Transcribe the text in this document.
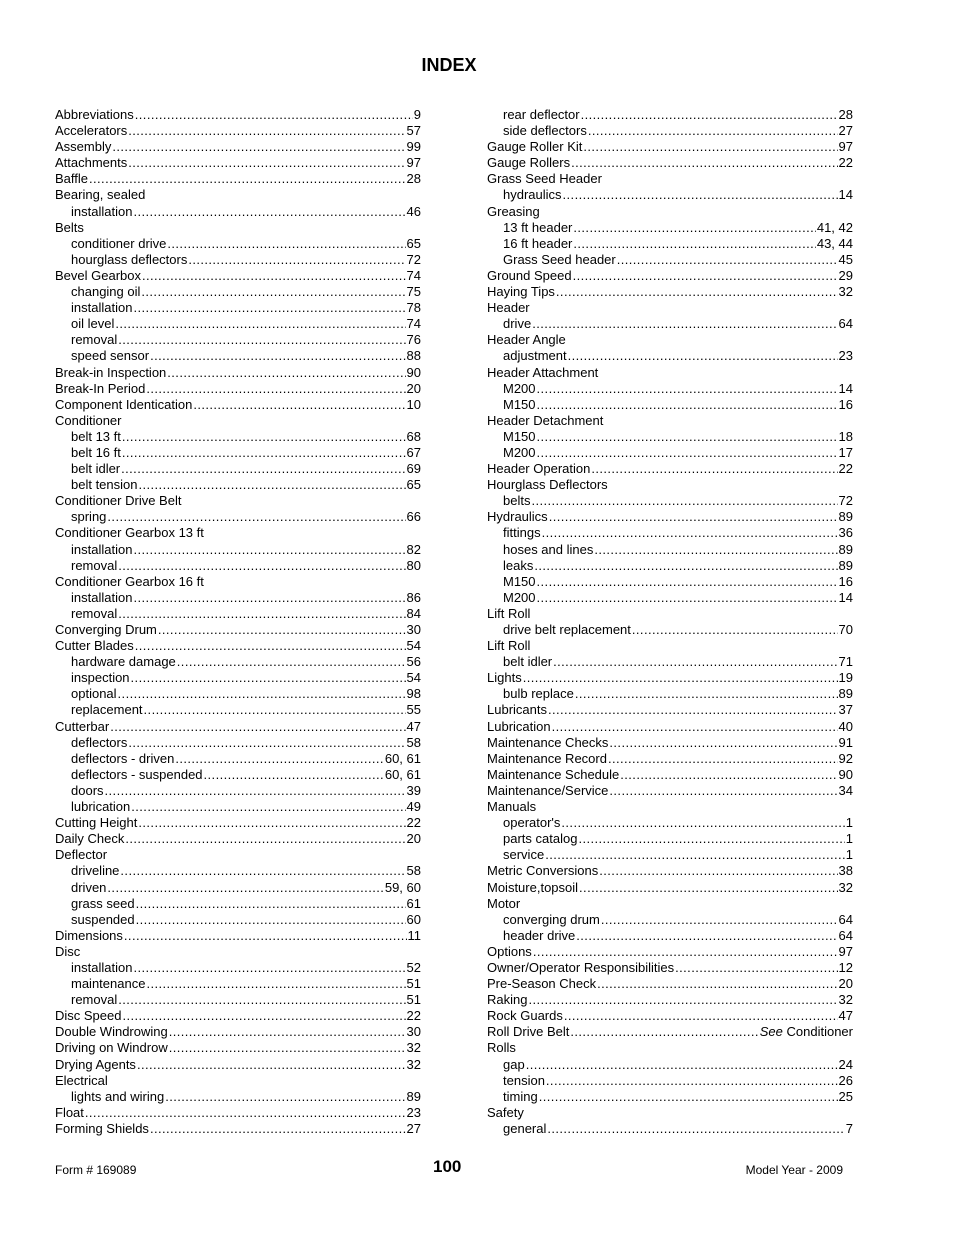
INDEX
Abbreviations .....	9
Accelerators .....	57
Assembly .....	99
Attachments .....	97
Baffle .....	28
Bearing, sealed
installation .....	46
Belts
conditioner drive .....	65
hourglass deflectors .....	72
Bevel Gearbox .....	74
changing oil .....	75
installation .....	78
oil level .....	74
removal .....	76
speed sensor .....	88
Break-in Inspection .....	90
Break-In Period .....	20
Component Identication .....	10
Conditioner
belt 13 ft .....	68
belt 16 ft .....	67
belt idler .....	69
belt tension .....	65
Conditioner Drive Belt
spring .....	66
Conditioner Gearbox 13 ft
installation .....	82
removal .....	80
Conditioner Gearbox 16 ft
installation .....	86
removal .....	84
Converging Drum .....	30
Cutter Blades .....	54
hardware damage .....	56
inspection .....	54
optional .....	98
replacement .....	55
Cutterbar .....	47
deflectors .....	58
deflectors - driven .....	60, 61
deflectors - suspended .....	60, 61
doors .....	39
lubrication .....	49
Cutting Height .....	22
Daily Check .....	20
Deflector
driveline .....	58
driven .....	59, 60
grass seed .....	61
suspended .....	60
Dimensions .....	11
Disc
installation .....	52
maintenance .....	51
removal .....	51
Disc Speed .....	22
Double Windrowing .....	30
Driving on Windrow .....	32
Drying Agents .....	32
Electrical
lights and wiring .....	89
Float .....	23
Forming Shields .....	27
rear deflector .....	28
side deflectors .....	27
Gauge Roller Kit .....	97
Gauge Rollers .....	22
Grass Seed Header
hydraulics .....	14
Greasing
13 ft header .....	41, 42
16 ft header .....	43, 44
Grass Seed header .....	45
Ground Speed .....	29
Haying Tips .....	32
Header
drive .....	64
Header Angle
adjustment .....	23
Header Attachment
M200 .....	14
M150 .....	16
Header Detachment
M150 .....	18
M200 .....	17
Header Operation .....	22
Hourglass Deflectors
belts .....	72
Hydraulics .....	89
fittings .....	36
hoses and lines .....	89
leaks .....	89
M150 .....	16
M200 .....	14
Lift Roll
drive belt replacement .....	70
Lift Roll
belt idler .....	71
Lights .....	19
bulb replace .....	89
Lubricants .....	37
Lubrication .....	40
Maintenance Checks .....	91
Maintenance Record .....	92
Maintenance Schedule .....	90
Maintenance/Service .....	34
Manuals
operator's .....	1
parts catalog .....	1
service .....	1
Metric Conversions .....	38
Moisture,topsoil .....	32
Motor
converging drum .....	64
header drive .....	64
Options .....	97
Owner/Operator Responsibilities .....	12
Pre-Season Check .....	20
Raking .....	32
Rock Guards .....	47
Roll Drive Belt .....	See Conditioner
Rolls
gap .....	24
tension .....	26
timing .....	25
Safety
general .....	7
Form # 169089	100	Model Year - 2009
